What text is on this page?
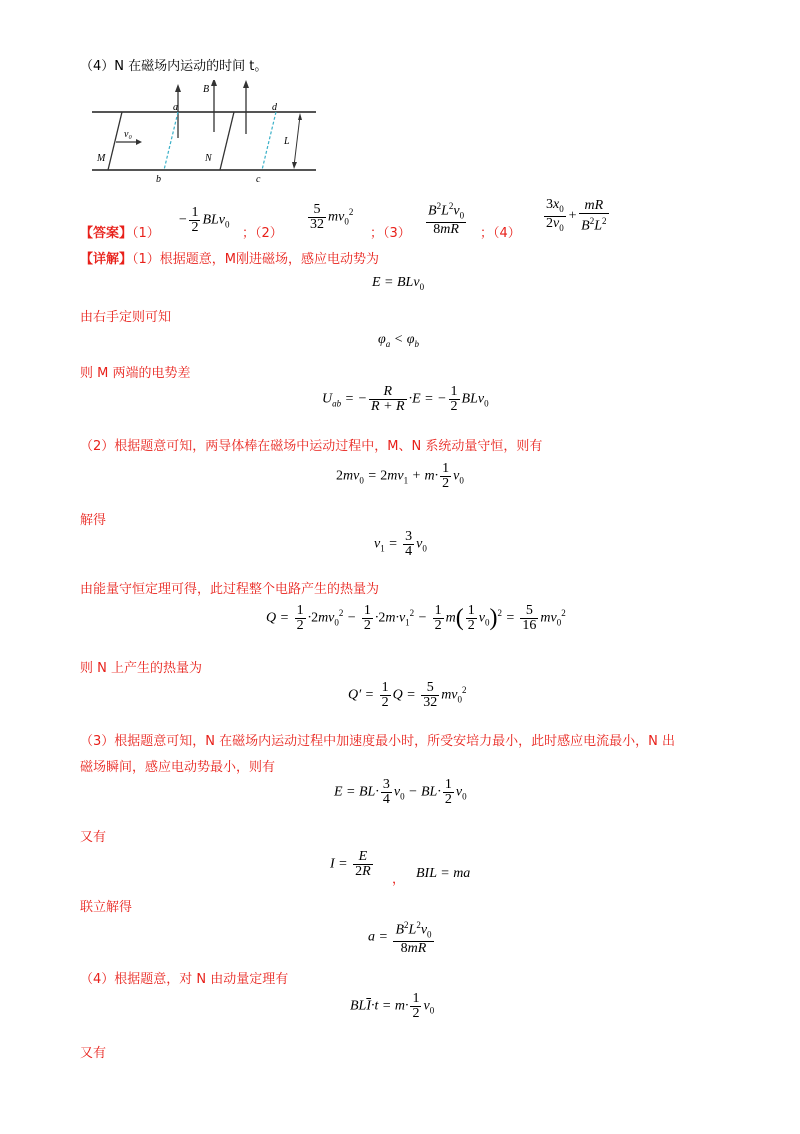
（4）N 在磁场内运动的时间 t。
a
B
d
v₀
L
M	N
b	c
【答案】（1）
− $\frac{1}{2} BLv_0$
；（2）
$\frac{5}{32} mv_0^2$
；$(3) \frac{B^2L^2v_0}{8mR}$ ；$(4) \frac{3x_0}{2v_0} + \frac{mR}{B^2L^2}$
【详解】（1）根据题意，M刚进磁场，感应电动势为
E = BLv$_0$
由右手定则可知
$\varphi_a < \varphi_b$
则 M 两端的电势差
$U_{ab}$ = − $\frac{R}{R + R} \cdot E$ = − $\frac{1}{2} BLv_0$
（2）根据题意可知，两导体棒在磁场中运动过程中，M、N 系统动量守恒，则有
$2mv_0 = 2mv_1 + m\cdot \frac{1}{2} v_0$
解得
$v_1 = \frac{3}{4} v_0$
由能量守恒定理可得，此过程整个电路产生的热量为
$Q = \frac{1}{2} \cdot 2mv_0^2 - \frac{1}{2} \cdot 2m\cdot v_1^2 - \frac{1}{2} m( \frac{1}{2} v_0)^2 = \frac{5}{16} mv_0^2$
则 N 上产生的热量为
$Q' = \frac{1}{2}$ $Q = \frac{5}{32} mv_0^2$
（3）根据题意可知，N 在磁场内运动过程中加速度最小时，所受安培力最小，此时感应电流最小，N 出
磁场瞬间，感应电动势最小，则有
$E = BL\cdot \frac{3}{4} v_0 - BL\cdot \frac{1}{2} v_0$
又有
$I = \frac{E}{2R}$
， BIL = ma
联立解得
$a = \frac{B^2L^2v_0}{8mR}$
（4）根据题意，对 N 由动量定理有
$BL\overline{I}\cdot t = m\cdot \frac{1}{2} v_0$
又有
